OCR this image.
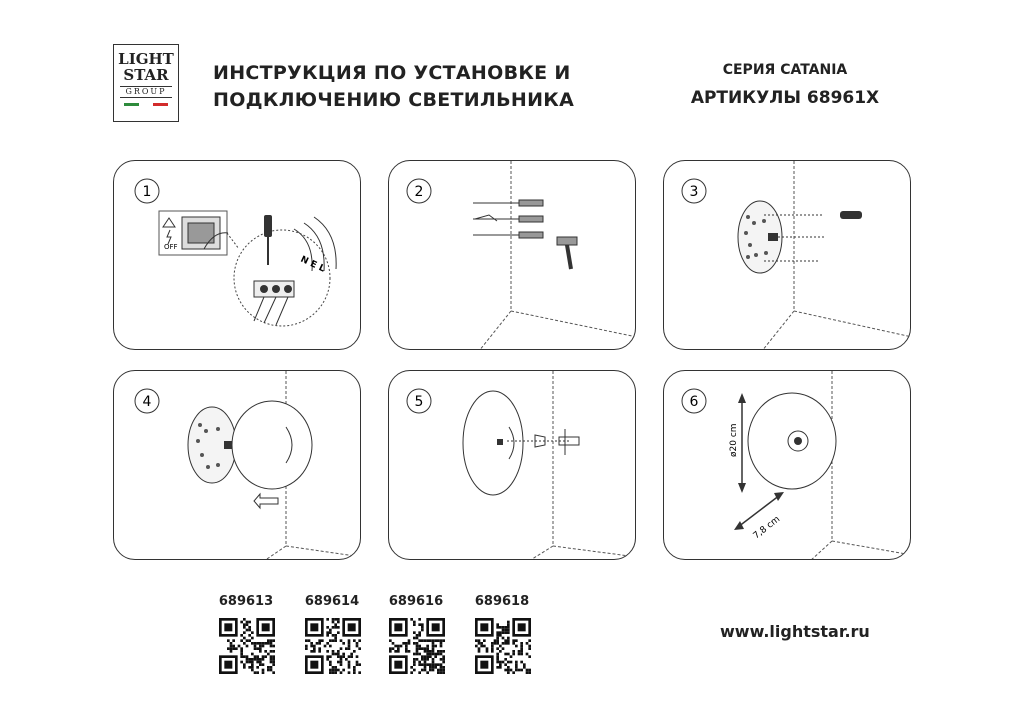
LIGHT
STAR
GROUP
ИНСТРУКЦИЯ ПО УСТАНОВКЕ И
ПОДКЛЮЧЕНИЮ СВЕТИЛЬНИКА
СЕРИЯ CATANIA
АРТИКУЛЫ 68961X
1
OFF
N E L
2	3
4	5	6
ø20 cm
7,8 cm
689613 689614 689616 689618
www.lightstar.ru
